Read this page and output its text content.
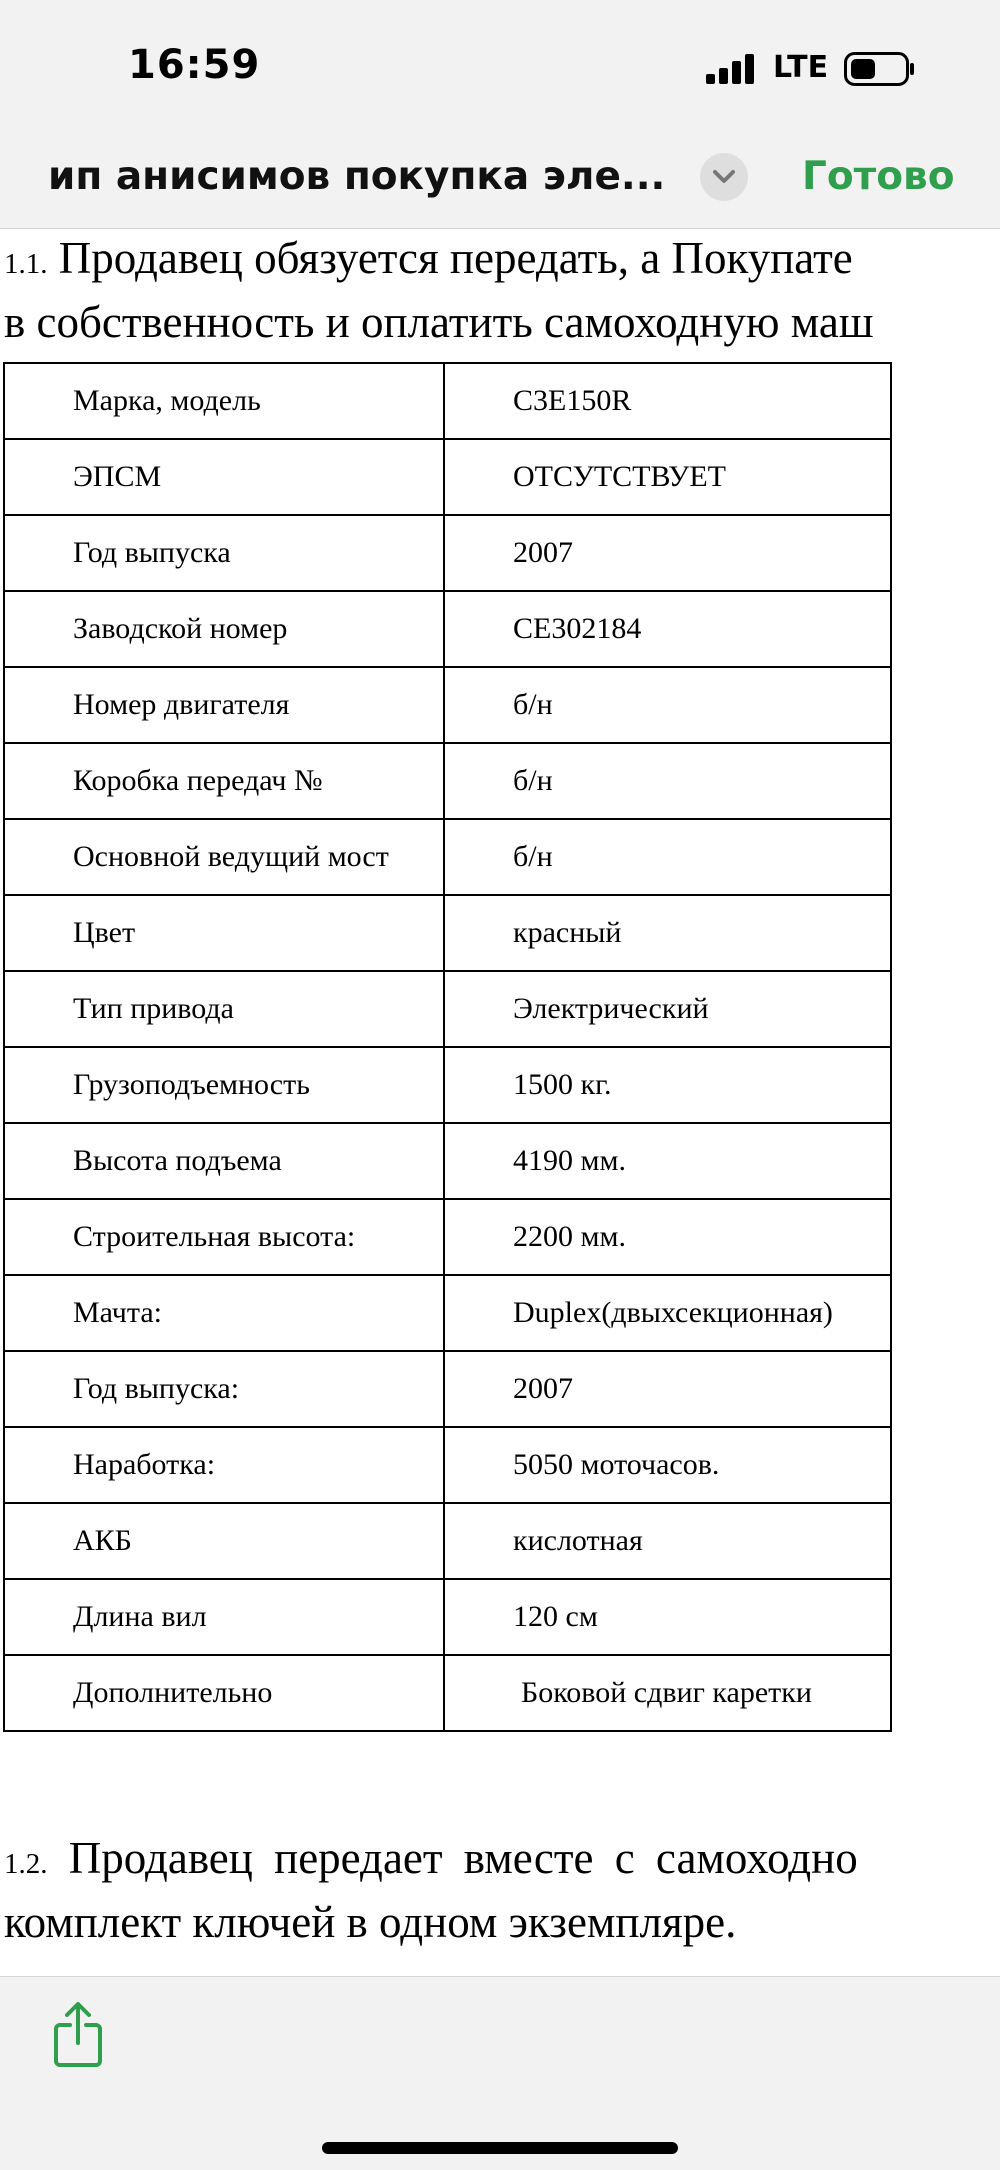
16:59	LTE
ип анисимов покупка эле...	Готово
1.1. Продавец обязуется передать, а Покупате
в собственность и оплатить самоходную маш
Марка, модель	С3Е150R
ЭПСМ	ОТСУТСТВУЕТ
Год выпуска	2007
Заводской номер	СЕ302184
Номер двигателя	б/н
Коробка передач №	б/н
Основной ведущий мост	б/н
Цвет	красный
Тип привода	Электрический
Грузоподъемность	1500 кг.
Высота подъема	4190 мм.
Строительная высота:	2200 мм.
Мачта:	Duplex(двыхсекционная)
Год выпуска:	2007
Наработка:	5050 моточасов.
АКБ	кислотная
Длина вил	120 см
Дополнительно	Боковой сдвиг каретки
1.2. Продавец передает вместе с самоходно
комплект ключей в одном экземпляре.
